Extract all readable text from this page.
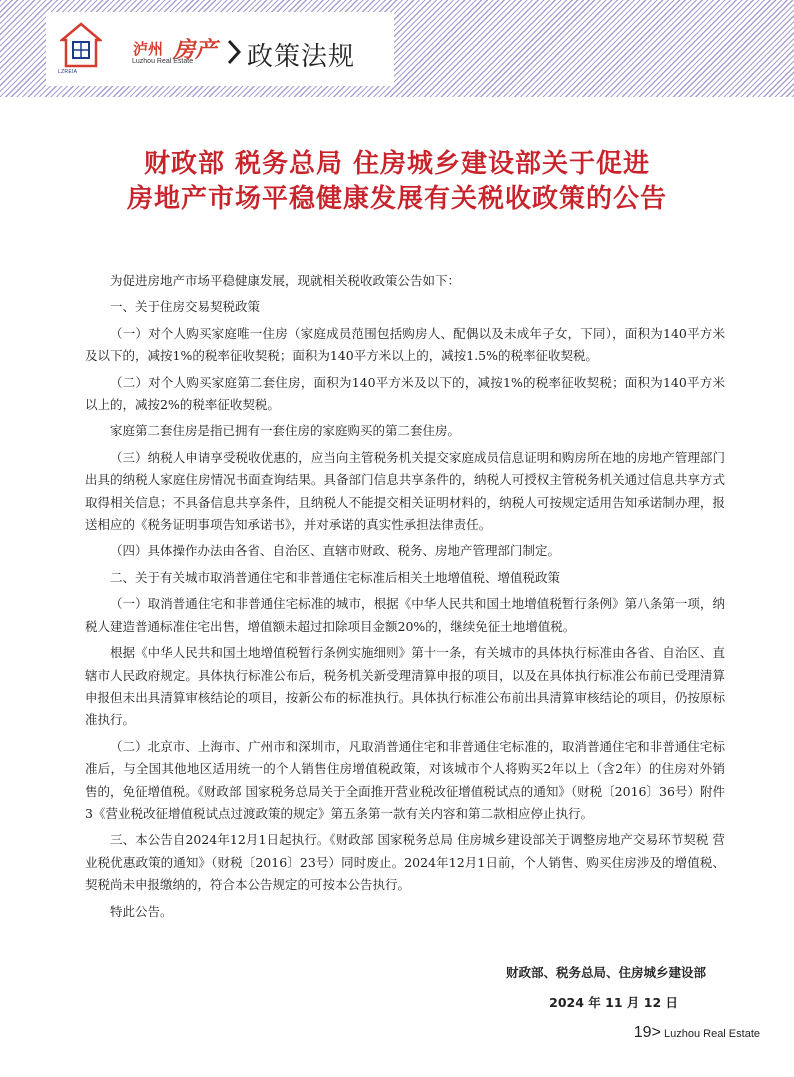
LZREIA
泸州 房产
Luzhou Real Estate 政策法规
财政部 税务总局 住房城乡建设部关于促进
房地产市场平稳健康发展有关税收政策的公告

为促进房地产市场平稳健康发展，现就相关税收政策公告如下：

一、关于住房交易契税政策

（一）对个人购买家庭唯一住房（家庭成员范围包括购房人、配偶以及未成年子女，下同），面积为140平方米及以下的，减按1%的税率征收契税；面积为140平方米以上的，减按1.5%的税率征收契税。

（二）对个人购买家庭第二套住房，面积为140平方米及以下的，减按1%的税率征收契税；面积为140平方米以上的，减按2%的税率征收契税。

家庭第二套住房是指已拥有一套住房的家庭购买的第二套住房。

（三）纳税人申请享受税收优惠的，应当向主管税务机关提交家庭成员信息证明和购房所在地的房地产管理部门出具的纳税人家庭住房情况书面查询结果。具备部门信息共享条件的，纳税人可授权主管税务机关通过信息共享方式取得相关信息；不具备信息共享条件，且纳税人不能提交相关证明材料的，纳税人可按规定适用告知承诺制办理，报送相应的《税务证明事项告知承诺书》，并对承诺的真实性承担法律责任。

（四）具体操作办法由各省、自治区、直辖市财政、税务、房地产管理部门制定。

二、关于有关城市取消普通住宅和非普通住宅标准后相关土地增值税、增值税政策

（一）取消普通住宅和非普通住宅标准的城市，根据《中华人民共和国土地增值税暂行条例》第八条第一项，纳税人建造普通标准住宅出售，增值额未超过扣除项目金额20%的，继续免征土地增值税。

根据《中华人民共和国土地增值税暂行条例实施细则》第十一条，有关城市的具体执行标准由各省、自治区、直辖市人民政府规定。具体执行标准公布后，税务机关新受理清算申报的项目，以及在具体执行标准公布前已受理清算申报但未出具清算审核结论的项目，按新公布的标准执行。具体执行标准公布前出具清算审核结论的项目，仍按原标准执行。

（二）北京市、上海市、广州市和深圳市，凡取消普通住宅和非普通住宅标准的，取消普通住宅和非普通住宅标准后，与全国其他地区适用统一的个人销售住房增值税政策，对该城市个人将购买2年以上（含2年）的住房对外销售的，免征增值税。《财政部 国家税务总局关于全面推开营业税改征增值税试点的通知》（财税〔2016〕36号）附件3《营业税改征增值税试点过渡政策的规定》第五条第一款有关内容和第二款相应停止执行。

三、本公告自2024年12月1日起执行。《财政部 国家税务总局 住房城乡建设部关于调整房地产交易环节契税 营业税优惠政策的通知》（财税〔2016〕23号）同时废止。2024年12月1日前，个人销售、购买住房涉及的增值税、契税尚未申报缴纳的，符合本公告规定的可按本公告执行。

特此公告。

财政部、税务总局、住房城乡建设部
2024 年 11 月 12 日
19> Luzhou Real Estate
